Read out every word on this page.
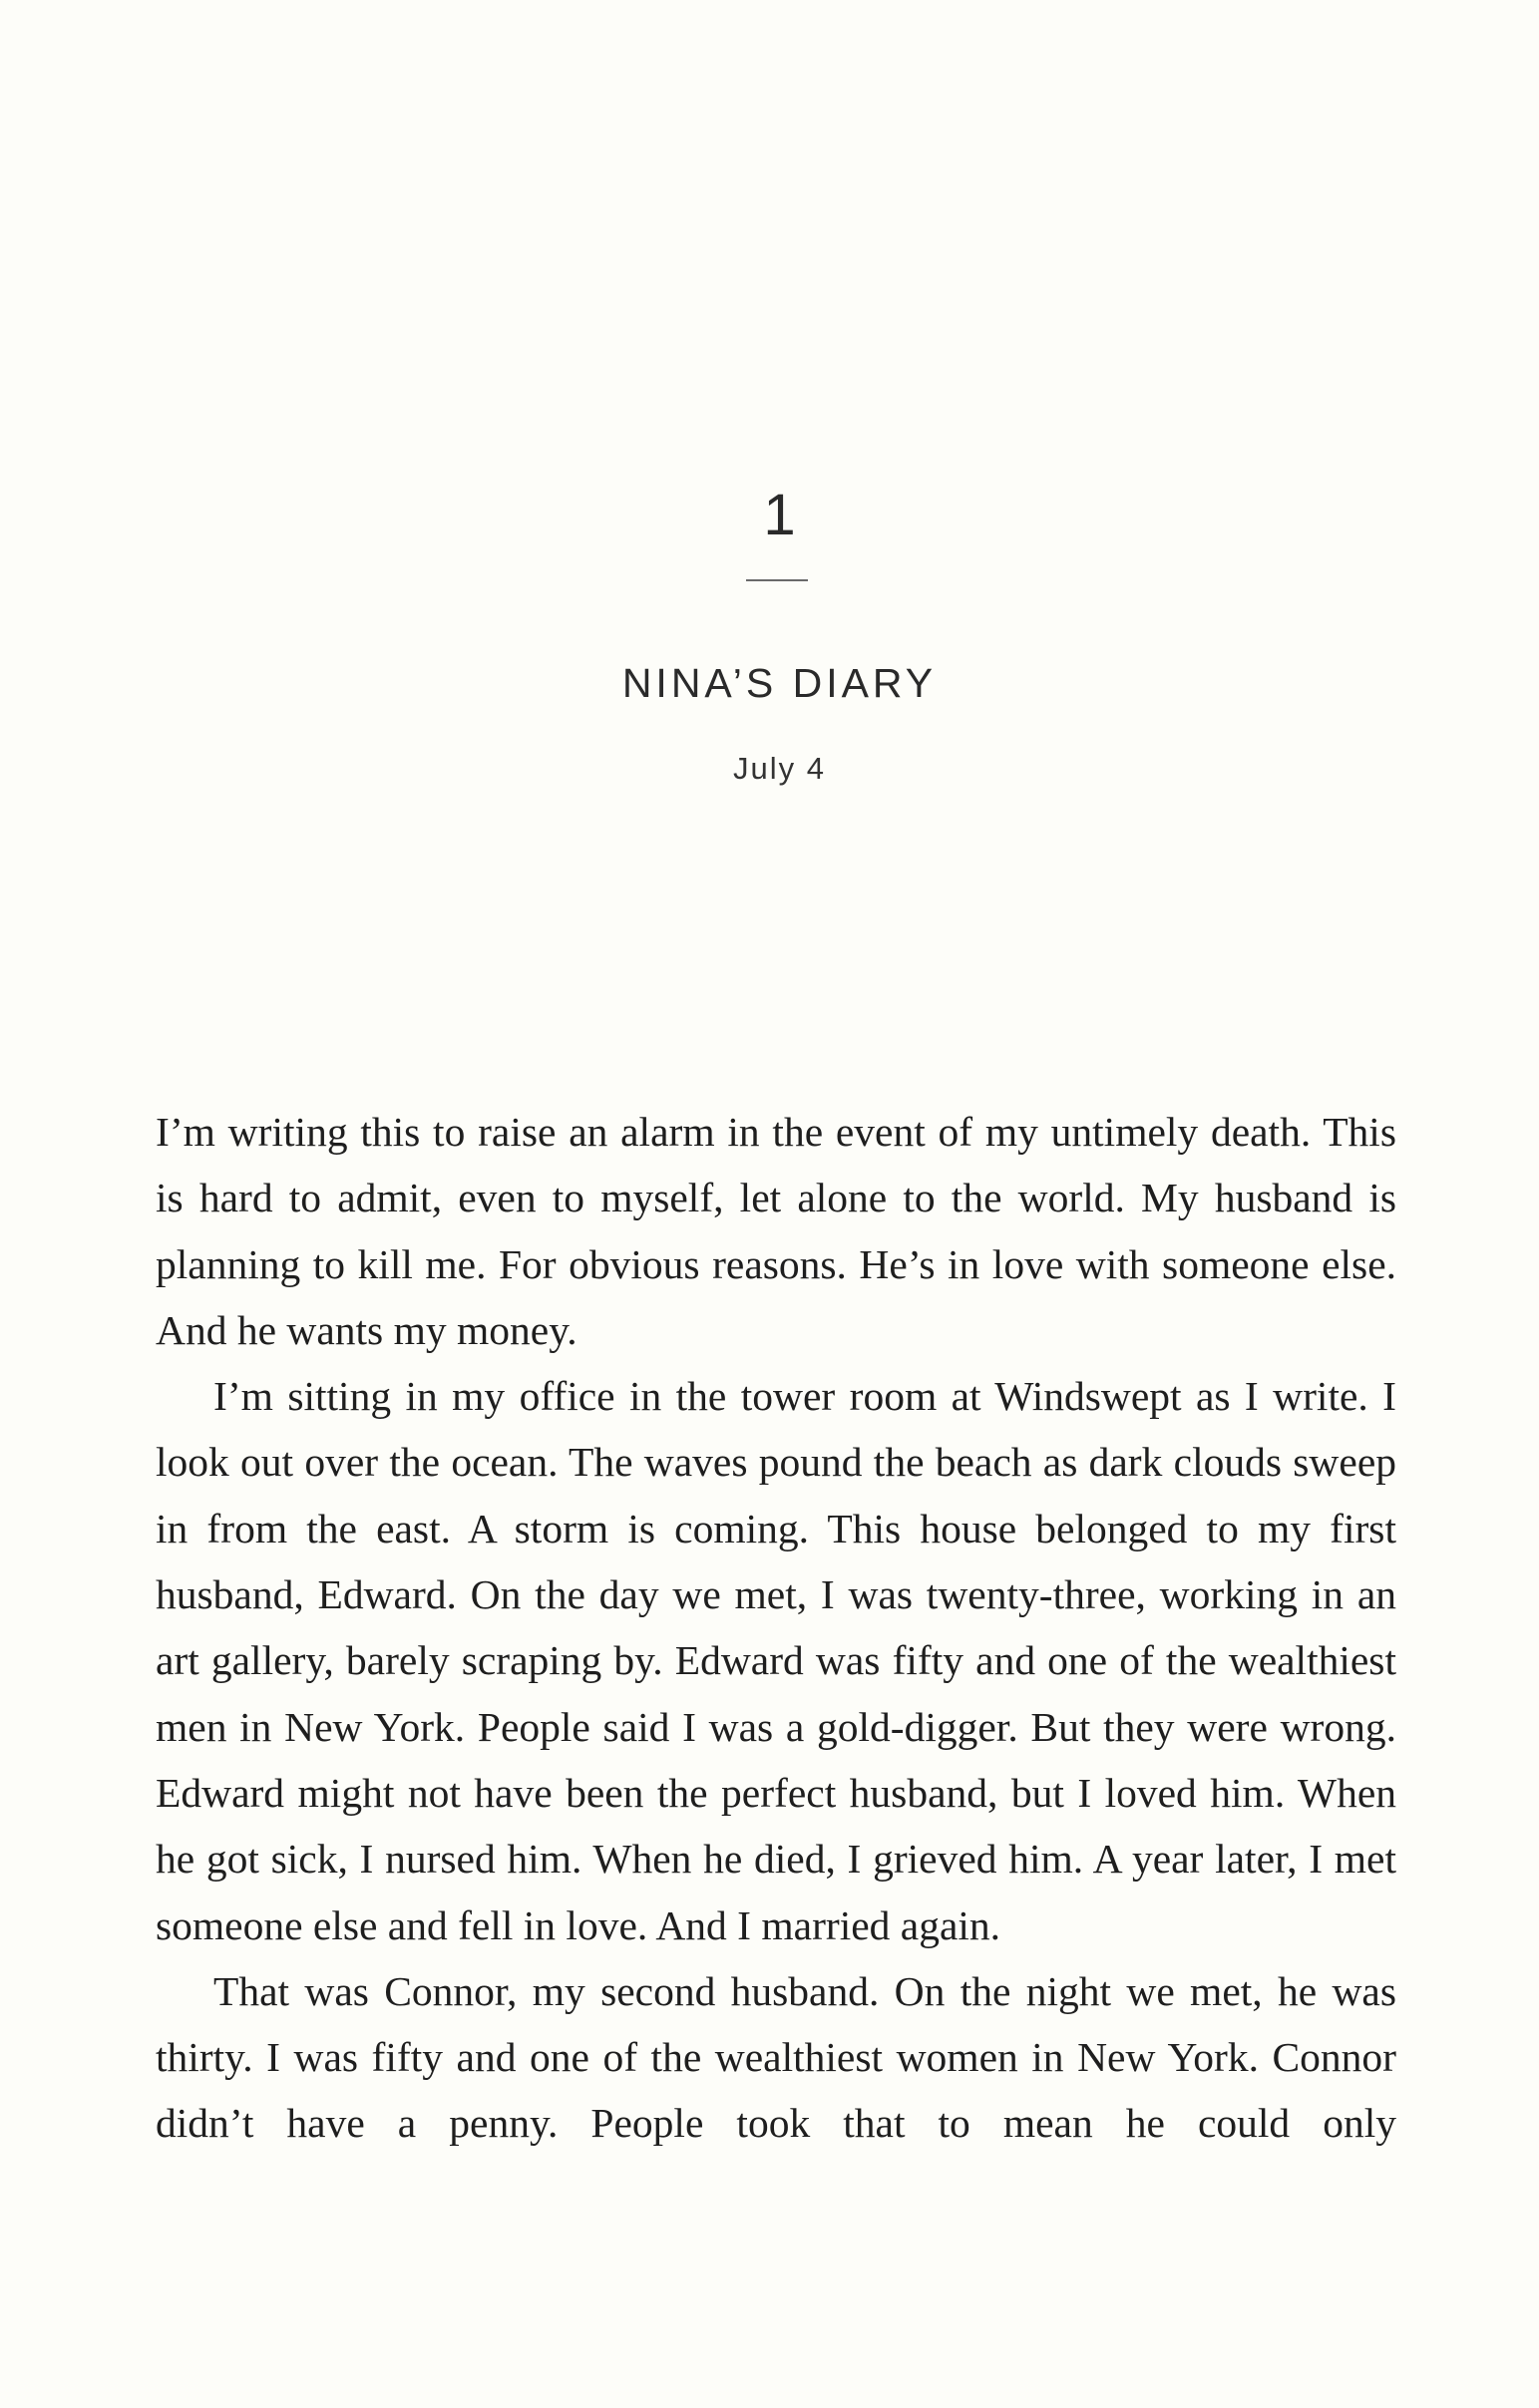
1
NINA’S DIARY
July 4

I’m writing this to raise an alarm in the event of my untimely death. This is hard to admit, even to myself, let alone to the world. My husband is planning to kill me. For obvious reasons. He’s in love with someone else. And he wants my money.

I’m sitting in my office in the tower room at Windswept as I write. I look out over the ocean. The waves pound the beach as dark clouds sweep in from the east. A storm is coming. This house belonged to my first husband, Edward. On the day we met, I was twenty-three, working in an art gallery, barely scraping by. Edward was fifty and one of the wealthiest men in New York. People said I was a gold-digger. But they were wrong. Edward might not have been the perfect husband, but I loved him. When he got sick, I nursed him. When he died, I grieved him. A year later, I met someone else and fell in love. And I married again.

That was Connor, my second husband. On the night we met, he was thirty. I was fifty and one of the wealthiest women in New York. Connor didn’t have a penny. People took that to mean he could only
